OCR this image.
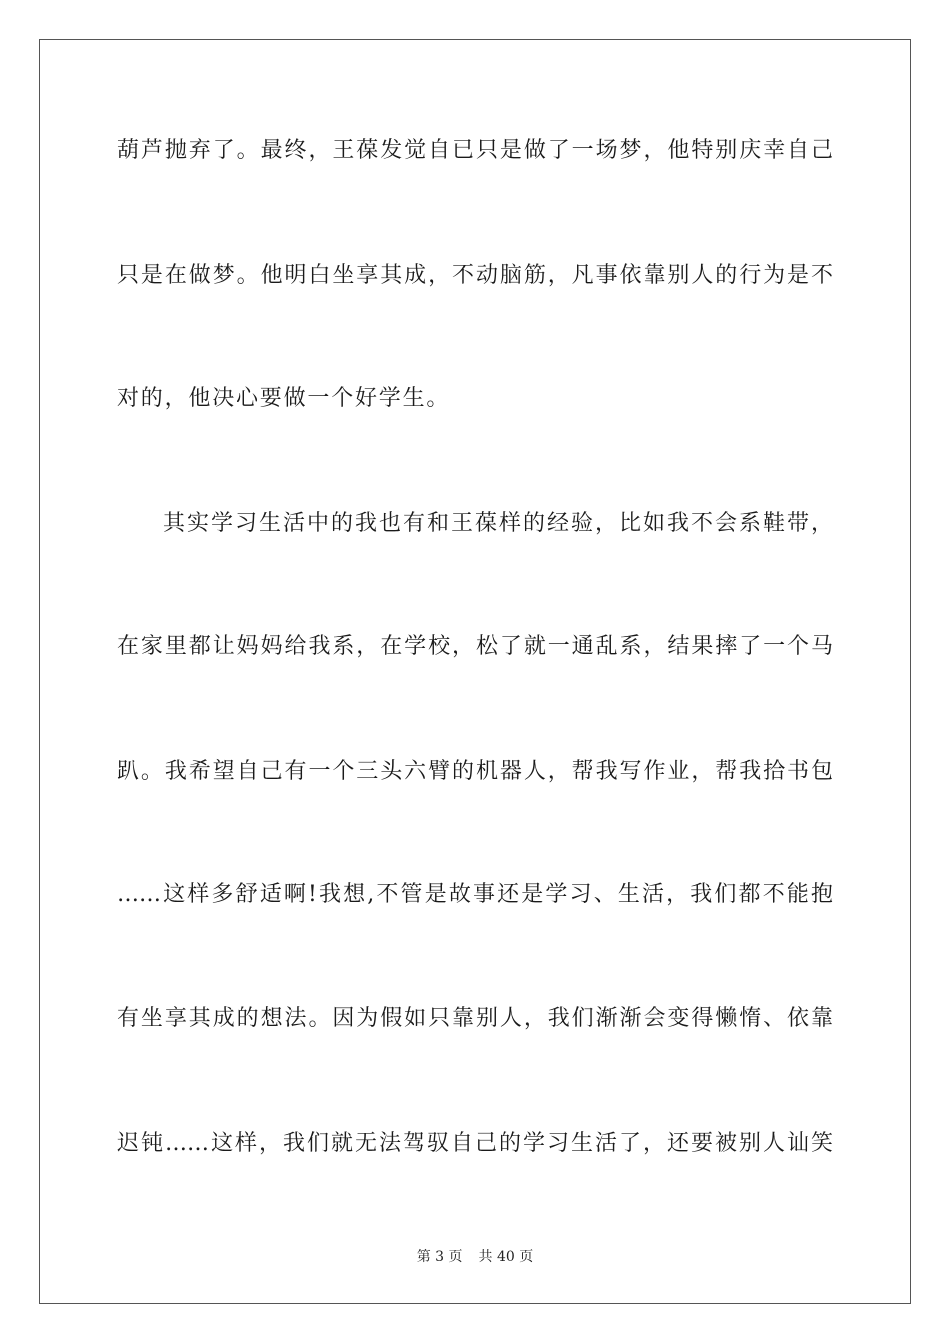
葫芦抛弃了。最终，王葆发觉自已只是做了一场梦，他特别庆幸自己
只是在做梦。他明白坐享其成，不动脑筋，凡事依靠别人的行为是不
对的，他决心要做一个好学生。
其实学习生活中的我也有和王葆样的经验，比如我不会系鞋带，
在家里都让妈妈给我系，在学校，松了就一通乱系，结果摔了一个马
趴。我希望自己有一个三头六臂的机器人，帮我写作业，帮我拾书包
……这样多舒适啊!我想,不管是故事还是学习、生活，我们都不能抱
有坐享其成的想法。因为假如只靠别人，我们渐渐会变得懒惰、依靠
迟钝……这样，我们就无法驾驭自己的学习生活了，还要被别人讪笑
第 3 页 共 40 页
